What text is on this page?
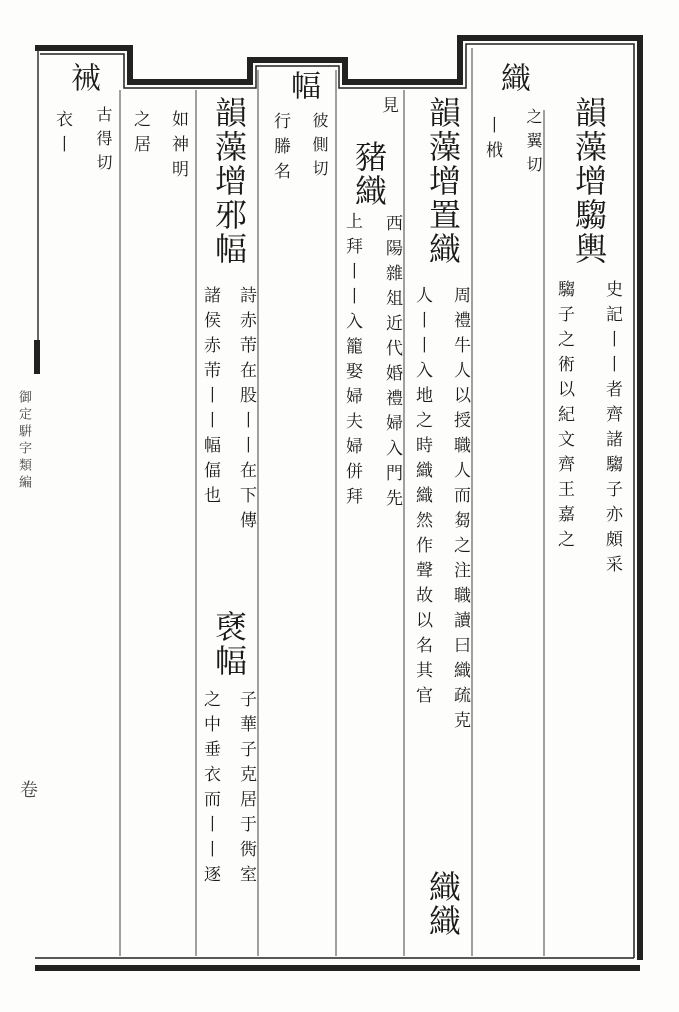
祴
古得切
幅
彼側切
織
之翼切 韻藻增騶輿
史記丨丨者齊諸騶子亦頗采
騶子之術以紀文齊王嘉之
丨栰
韻藻增
置織
周禮牛人以授職人而芻之注職讀曰織疏克
人丨丨入地之時織織然作聲故以名其官
織織
見
豬織
西陽雜俎近代婚禮婦入門先
上拜丨丨入籠娶婦夫婦併拜
行幐名
韻藻增
邪幅
詩赤芾在股丨丨在下傳
諸侯赤芾丨丨幅偪也
褎幅
子華子克居于衖室
之中垂衣而丨丨逐
如神明
之居
衣丨
御定騈字類編
卷
